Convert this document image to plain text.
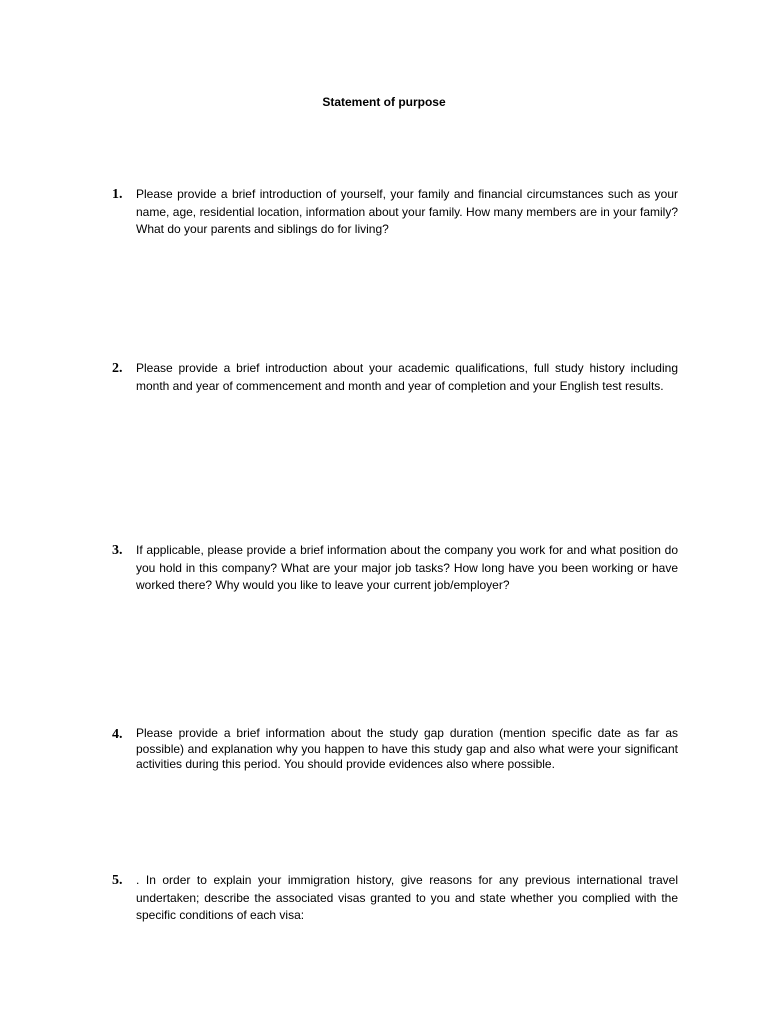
Statement of purpose
1.	Please provide a brief introduction of yourself, your family and financial circumstances such as your name, age, residential location, information about your family. How many members are in your family? What do your parents and siblings do for living?

2.	Please provide a brief introduction about your academic qualifications, full study history including month and year of commencement and month and year of completion and your English test results.

3.	If applicable, please provide a brief information about the company you work for and what position do you hold in this company? What are your major job tasks? How long have you been working or have worked there? Why would you like to leave your current job/employer?

4.	Please provide a brief information about the study gap duration (mention specific date as far as possible) and explanation why you happen to have this study gap and also what were your significant activities during this period. You should provide evidences also where possible.

5.	. In order to explain your immigration history, give reasons for any previous international travel undertaken; describe the associated visas granted to you and state whether you complied with the specific conditions of each visa:
